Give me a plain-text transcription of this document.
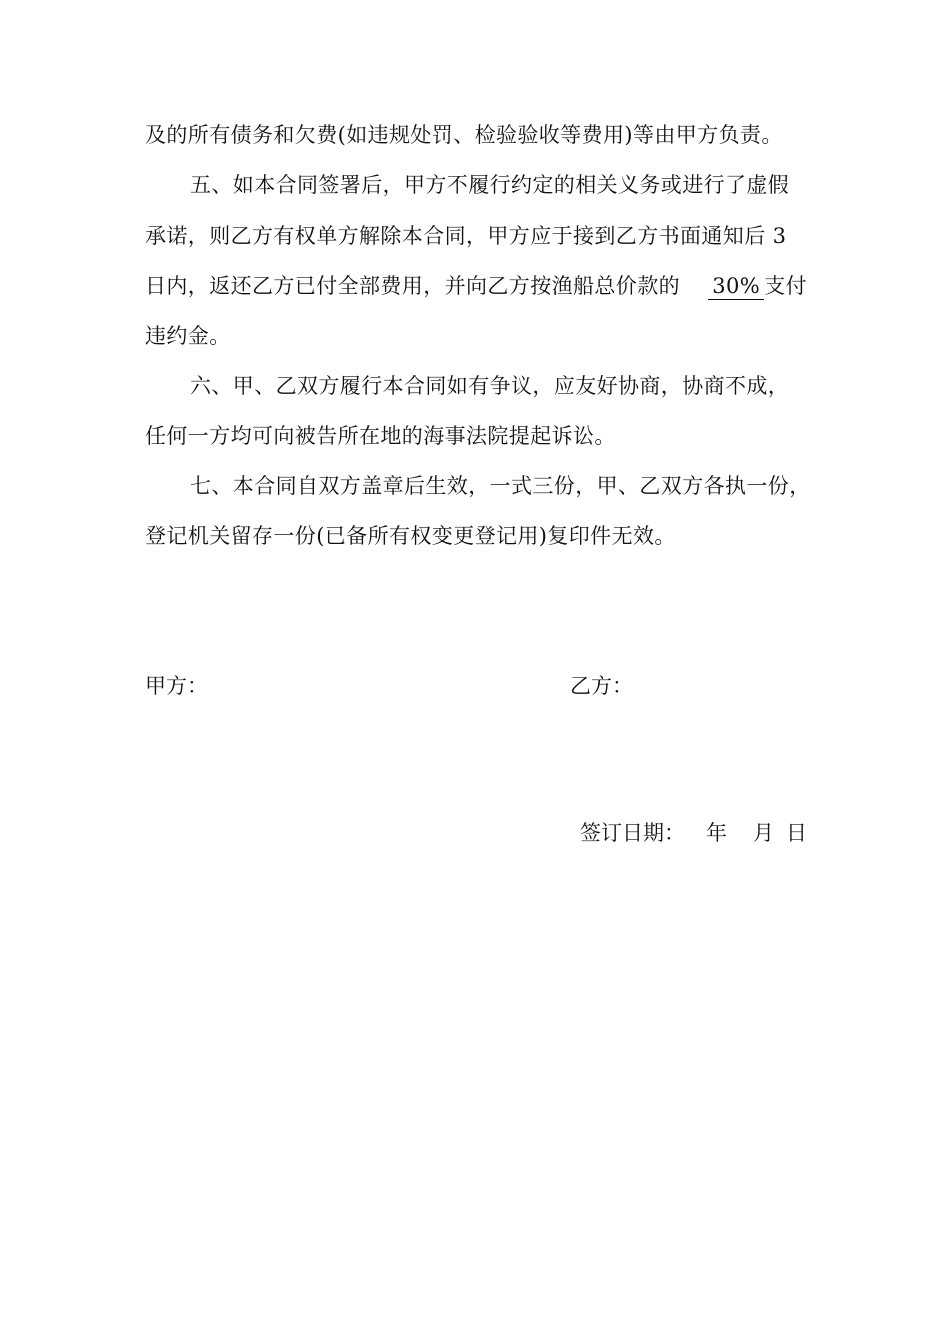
及的所有债务和欠费(如违规处罚、检验验收等费用)等由甲方负责。
五、如本合同签署后，甲方不履行约定的相关义务或进行了虚假
承诺，则乙方有权单方解除本合同，甲方应于接到乙方书面通知后 3
日内，返还乙方已付全部费用，并向乙方按渔船总价款的 30% 支付
违约金。
六、甲、乙双方履行本合同如有争议，应友好协商，协商不成，
任何一方均可向被告所在地的海事法院提起诉讼。
七、本合同自双方盖章后生效，一式三份，甲、乙双方各执一份，
登记机关留存一份(已备所有权变更登记用)复印件无效。
甲方：	乙方：
签订日期： 年 月 日
